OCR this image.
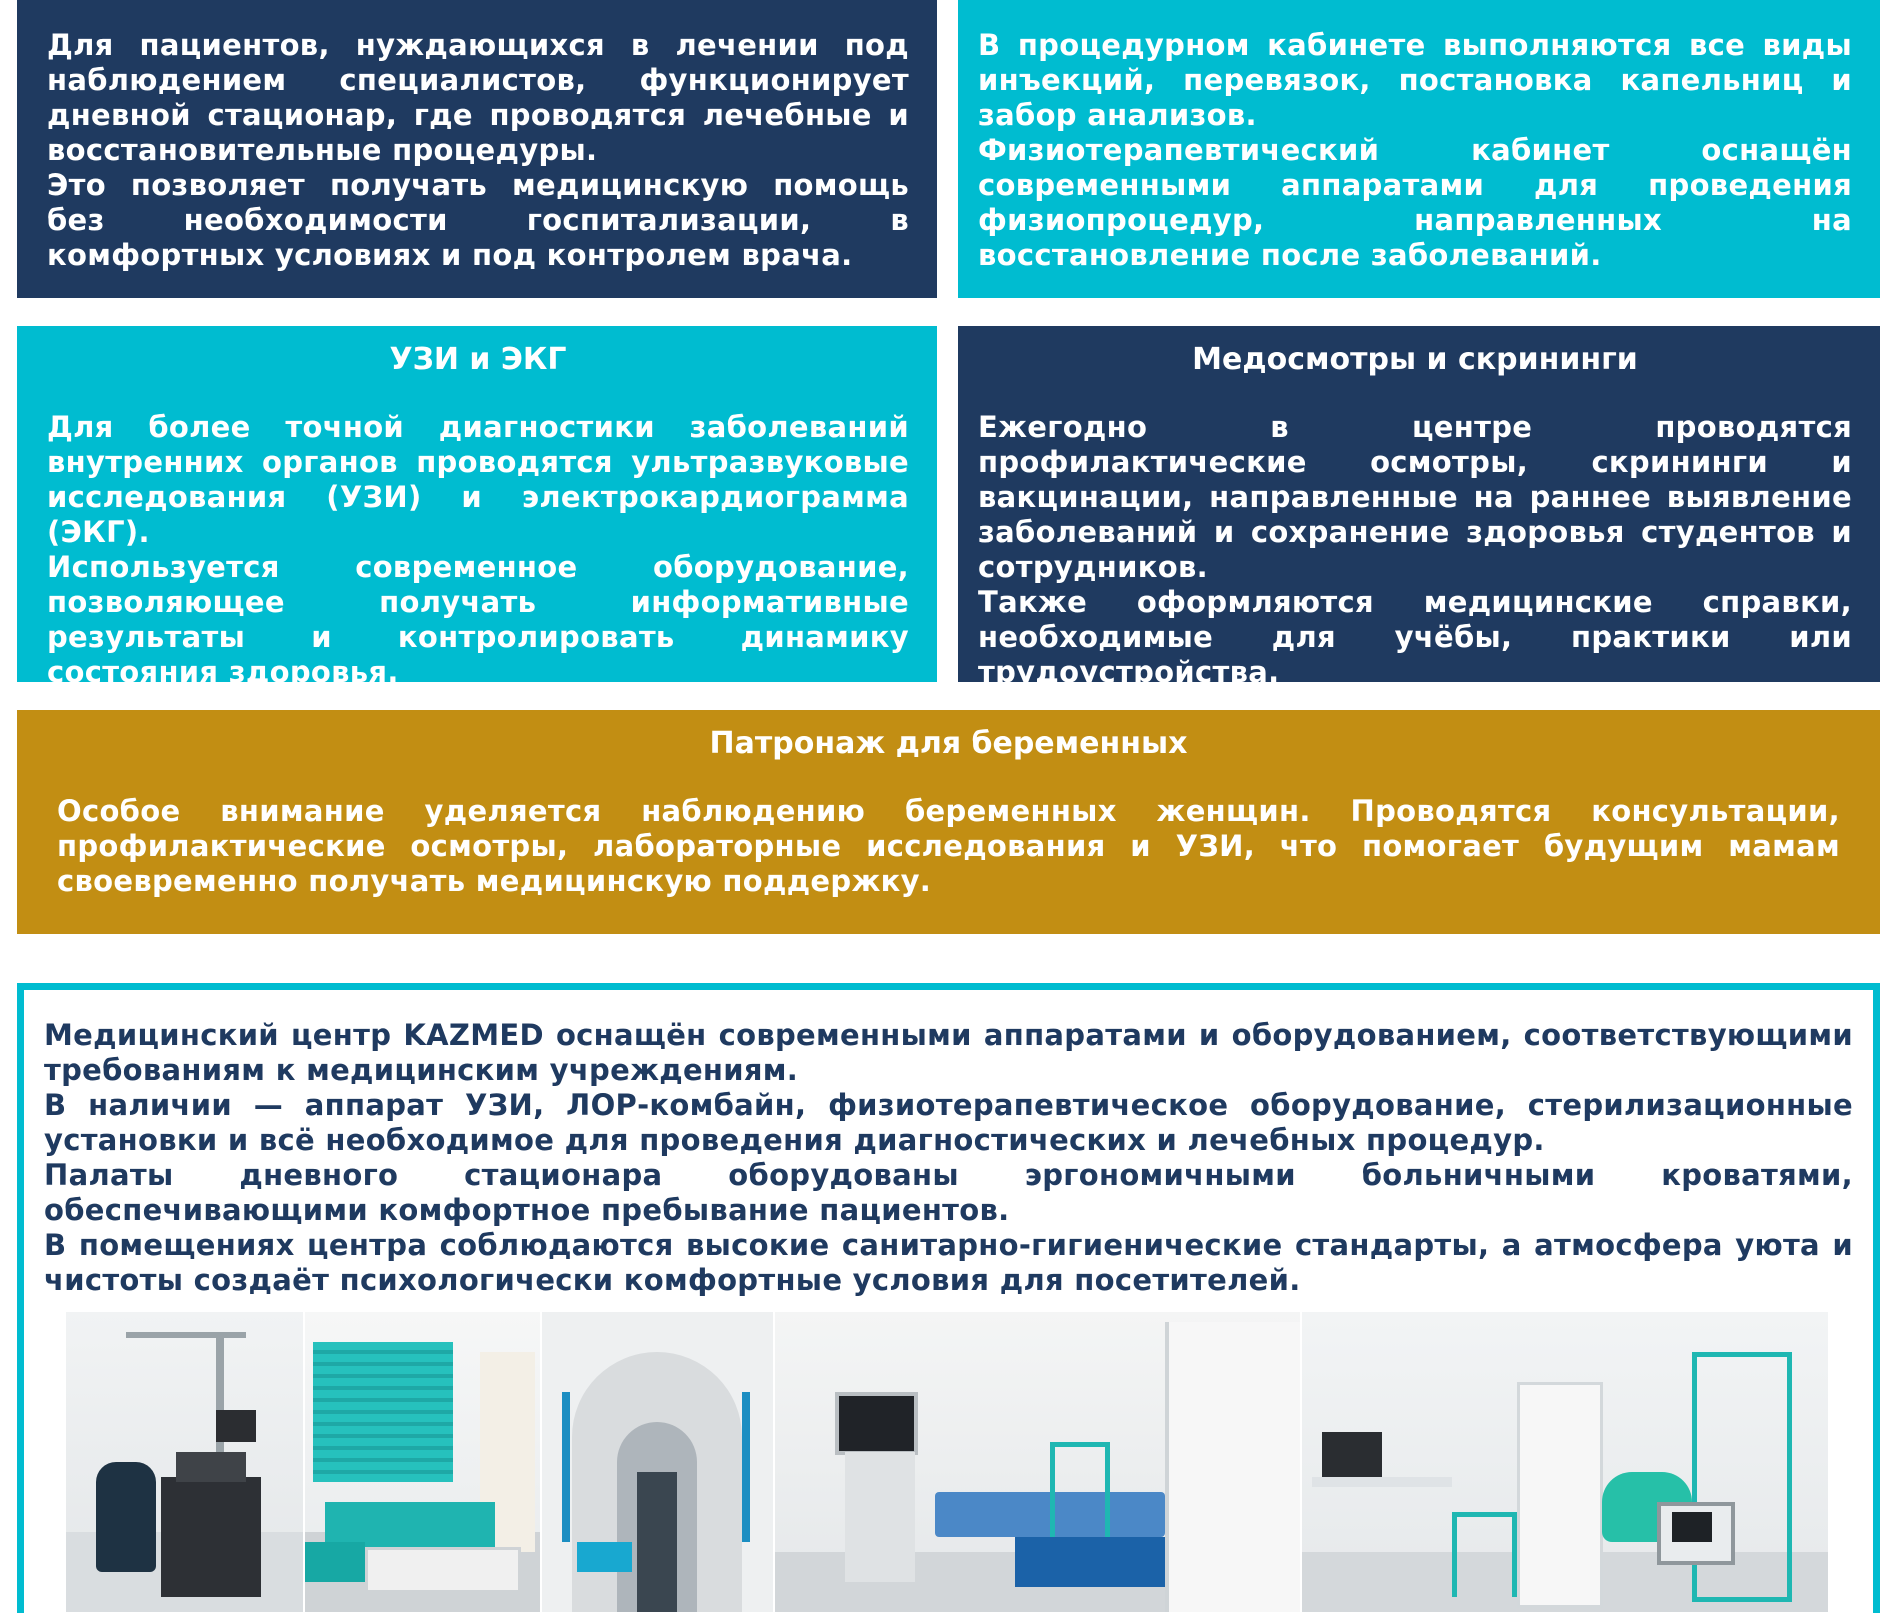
Для пациентов, нуждающихся в лечении под наблюдением специалистов, функционирует дневной стационар, где проводятся лечебные и восстановительные процедуры.

Это позволяет получать медицинскую помощь без необходимости госпитализации, в комфортных условиях и под контролем врача.

В процедурном кабинете выполняются все виды инъекций, перевязок, постановка капельниц и забор анализов.

Физиотерапевтический кабинет оснащён современными аппаратами для проведения физиопроцедур, направленных на восстановление после заболеваний.

УЗИ и ЭКГ

Для более точной диагностики заболеваний внутренних органов проводятся ультразвуковые исследования (УЗИ) и электрокардиограмма (ЭКГ).

Используется современное оборудование, позволяющее получать информативные результаты и контролировать динамику состояния здоровья.

Медосмотры и скрининги

Ежегодно в центре проводятся профилактические осмотры, скрининги и вакцинации, направленные на раннее выявление заболеваний и сохранение здоровья студентов и сотрудников.

Также оформляются медицинские справки, необходимые для учёбы, практики или трудоустройства.

Патронаж для беременных

Особое внимание уделяется наблюдению беременных женщин. Проводятся консультации, профилактические осмотры, лабораторные исследования и УЗИ, что помогает будущим мамам своевременно получать медицинскую поддержку.

Медицинский центр KAZMED оснащён современными аппаратами и оборудованием, соответствующими требованиям к медицинским учреждениям.

В наличии — аппарат УЗИ, ЛОР-комбайн, физиотерапевтическое оборудование, стерилизационные установки и всё необходимое для проведения диагностических и лечебных процедур.

Палаты дневного стационара оборудованы эргономичными больничными кроватями, обеспечивающими комфортное пребывание пациентов.

В помещениях центра соблюдаются высокие санитарно-гигиенические стандарты, а атмосфера уюта и чистоты создаёт психологически комфортные условия для посетителей.
